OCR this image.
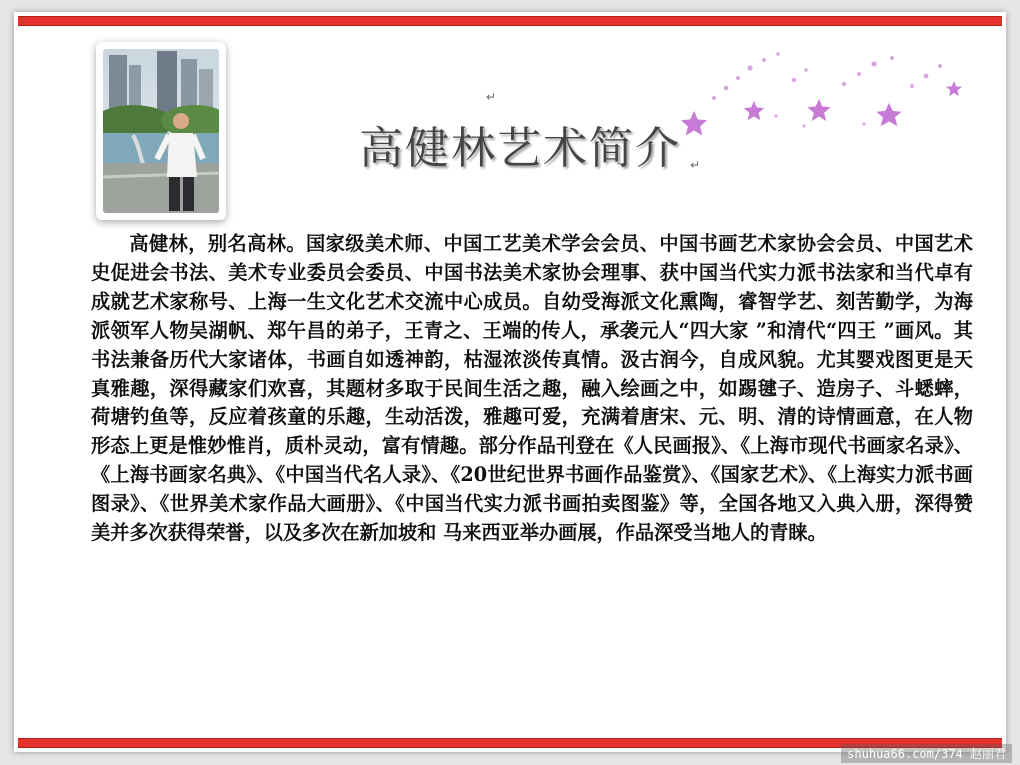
↵
高健林艺术简介 ↵

高健林，别名高林。国家级美术师、中国工艺美术学会会员、中国书画艺术家协会会员、中国艺术史促进会书法、美术专业委员会委员、中国书法美术家协会理事、获中国当代实力派书法家和当代卓有成就艺术家称号、上海一生文化艺术交流中心成员。自幼受海派文化熏陶，睿智学艺、刻苦勤学，为海派领军人物吴湖帆、郑午昌的弟子，王青之、王端的传人，承袭元人“四大家 ”和清代“四王 ”画风。其书法兼备历代大家诸体，书画自如透神韵，枯湿浓淡传真情。汲古润今，自成风貌。尤其婴戏图更是天真雅趣，深得藏家们欢喜，其题材多取于民间生活之趣，融入绘画之中，如踢毽子、造房子、斗蟋蟀，荷塘钓鱼等，反应着孩童的乐趣，生动活泼，雅趣可爱，充满着唐宋、元、明、清的诗情画意，在人物形态上更是惟妙惟肖，质朴灵动，富有情趣。部分作品刊登在《人民画报》、《上海市现代书画家名录》、《上海书画家名典》、《中国当代名人录》、《20世纪世界书画作品鉴赏》、《国家艺术》、《上海实力派书画图录》、《世界美术家作品大画册》、《中国当代实力派书画拍卖图鉴》等，全国各地又入典入册，深得赞美并多次获得荣誉，以及多次在新加坡和 马来西亚举办画展，作品深受当地人的青睐。

shuhua66.com/374 赵丽君
